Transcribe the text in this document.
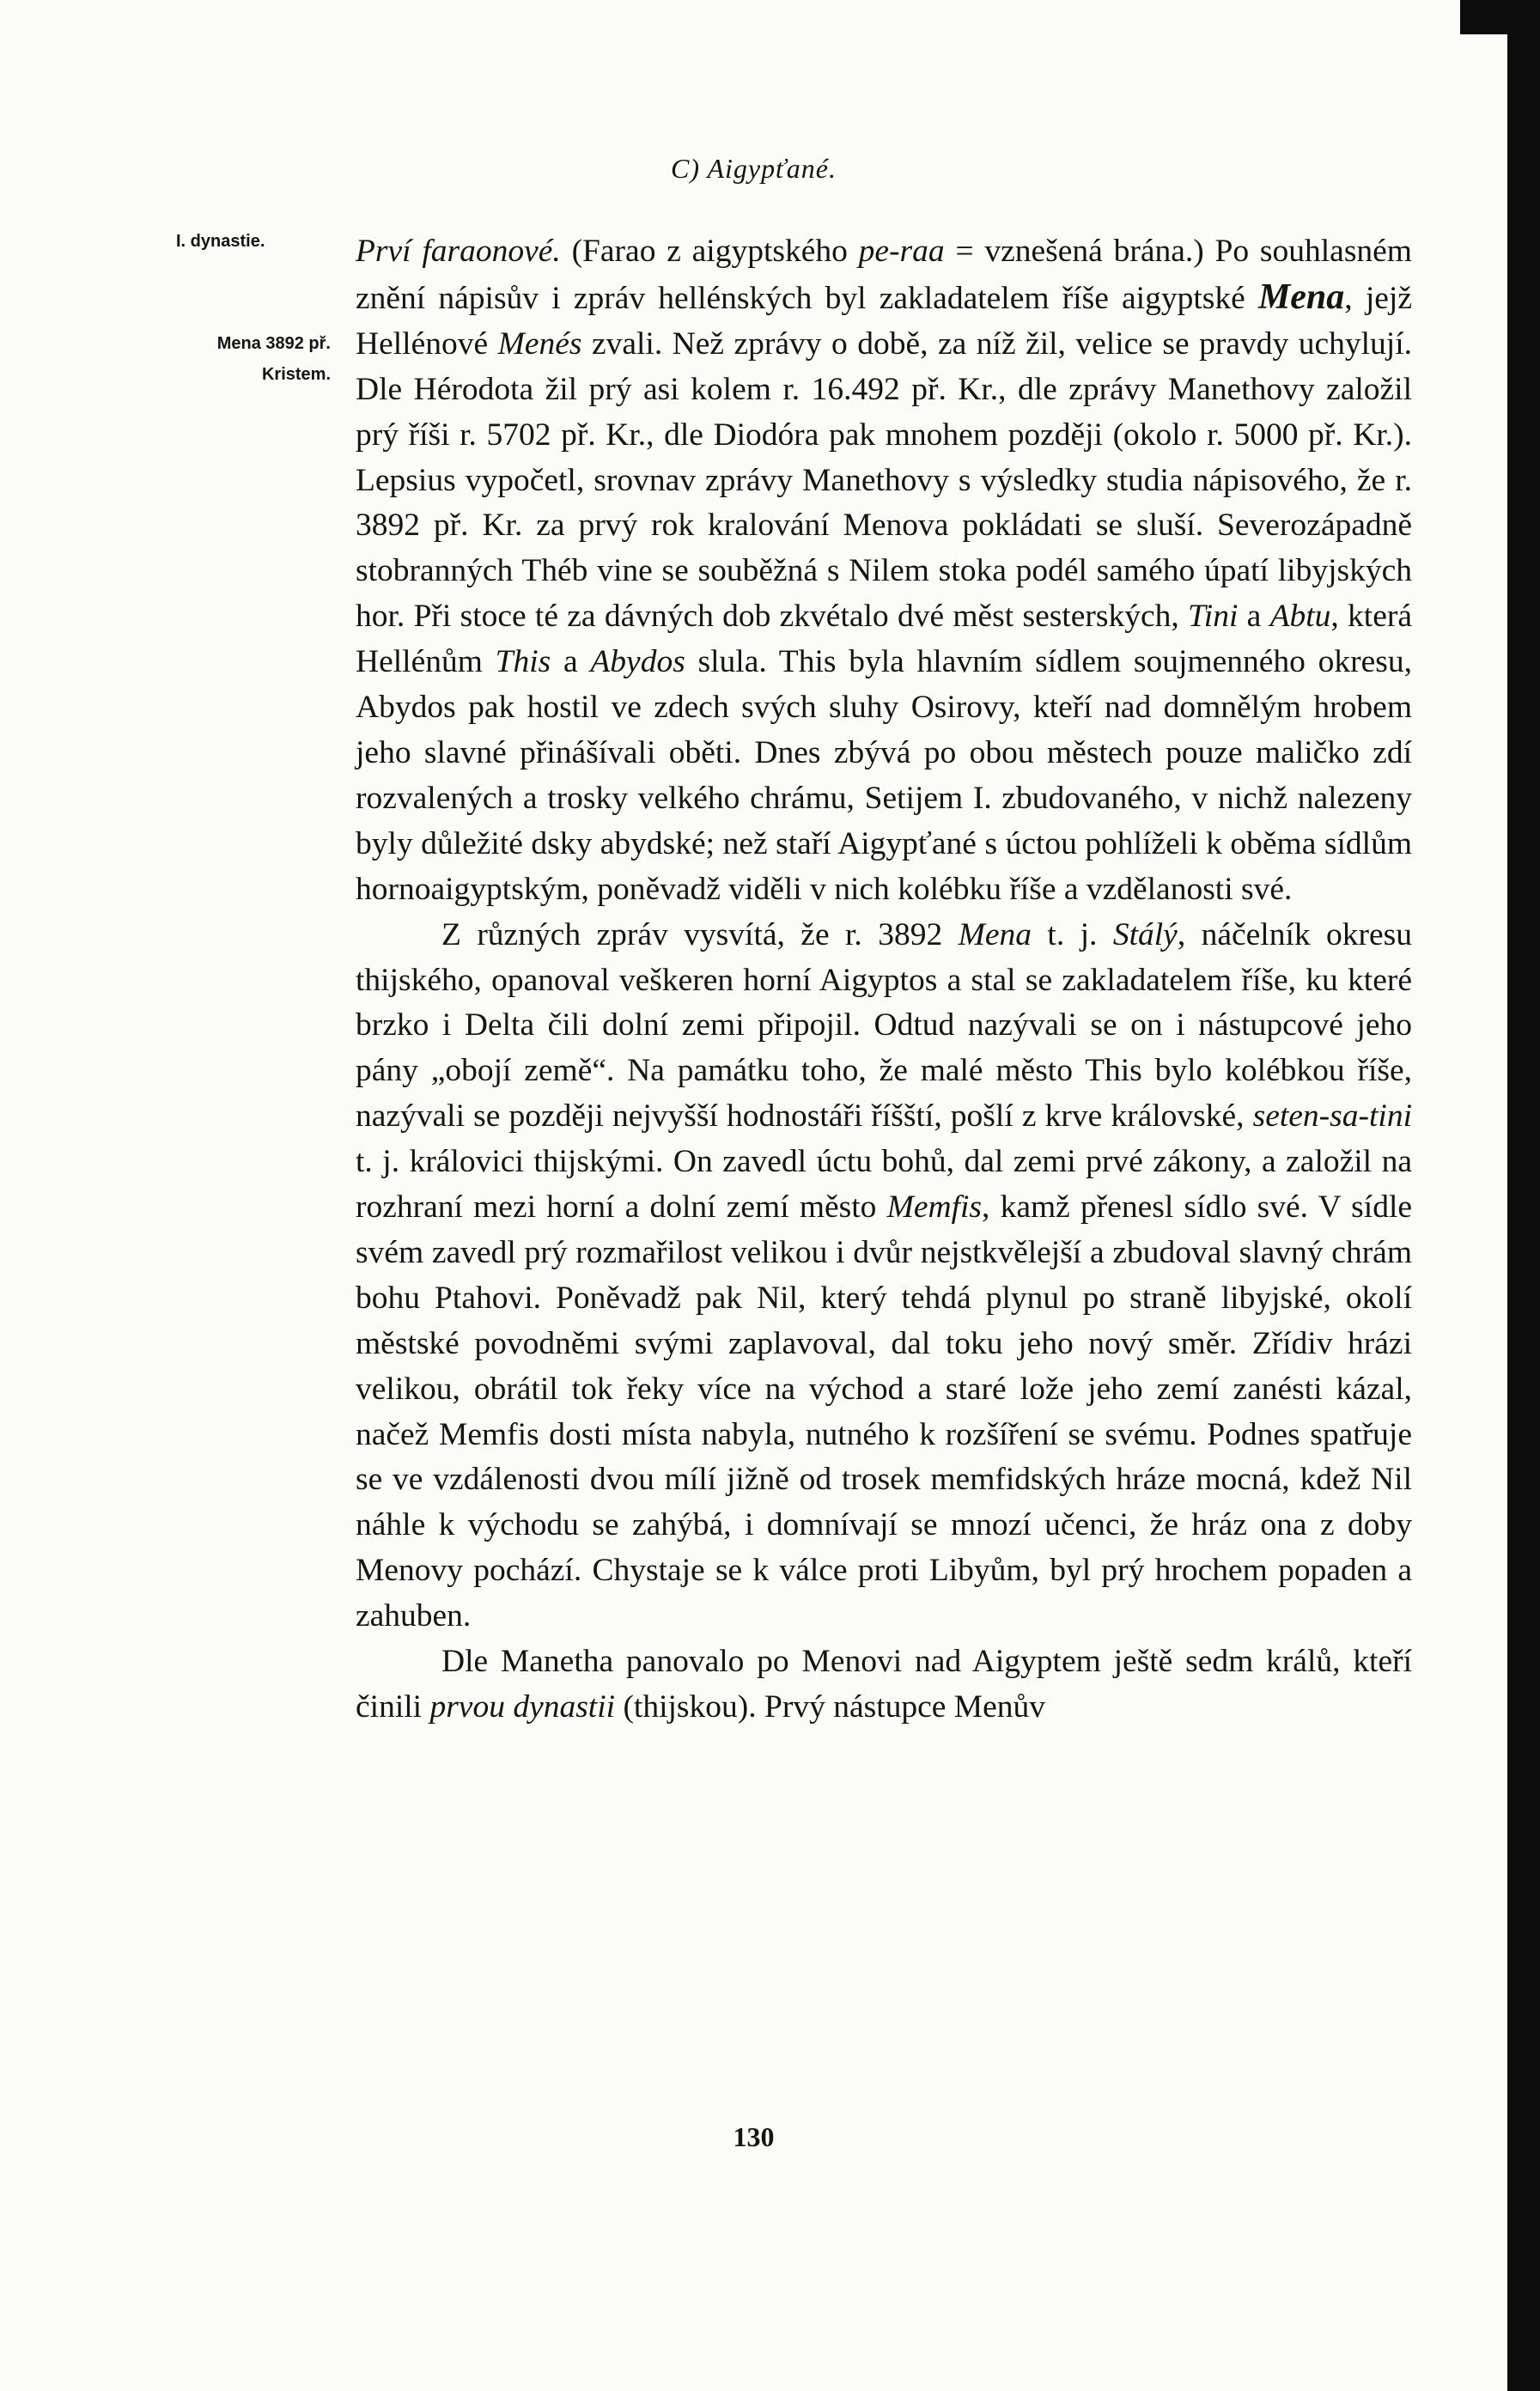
C) Aigypťané.
I. dynastie.
Mena 3892 př.
Kristem.

Prví faraonové. (Farao z aigyptského pe-raa = vznešená brána.) Po souhlasném znění nápisův i zpráv hellénských byl zakladatelem říše aigyptské Mena, jejž Hellénové Menés zvali. Než zprávy o době, za níž žil, velice se pravdy uchylují. Dle Hérodota žil prý asi kolem r. 16.492 př. Kr., dle zprávy Manethovy založil prý říši r. 5702 př. Kr., dle Diodóra pak mnohem později (okolo r. 5000 př. Kr.). Lepsius vypočetl, srovnav zprávy Manethovy s výsledky studia nápisového, že r. 3892 př. Kr. za prvý rok kralování Menova pokládati se sluší. Severozápadně stobranných Théb vine se souběžná s Nilem stoka podél samého úpatí libyjských hor. Při stoce té za dávných dob zkvétalo dvé měst sesterských, Tini a Abtu, která Hellénům This a Abydos slula. This byla hlavním sídlem soujmenného okresu, Abydos pak hostil ve zdech svých sluhy Osirovy, kteří nad domnělým hrobem jeho slavné přinášívali oběti. Dnes zbývá po obou městech pouze maličko zdí rozvalených a trosky velkého chrámu, Setijem I. zbudovaného, v nichž nalezeny byly důležité dsky abydské; než staří Aigypťané s úctou pohlíželi k oběma sídlům hornoaigyptským, poněvadž viděli v nich kolébku říše a vzdělanosti své.

Z různých zpráv vysvítá, že r. 3892 Mena t. j. Stálý, náčelník okresu thijského, opanoval veškeren horní Aigyptos a stal se zakladatelem říše, ku které brzko i Delta čili dolní zemi připojil. Odtud nazývali se on i nástupcové jeho pány „obojí země“. Na památku toho, že malé město This bylo kolébkou říše, nazývali se později nejvyšší hodnostáři říšští, pošlí z krve královské, seten-sa-tini t. j. královici thijskými. On zavedl úctu bohů, dal zemi prvé zákony, a založil na rozhraní mezi horní a dolní zemí město Memfis, kamž přenesl sídlo své. V sídle svém zavedl prý rozmařilost velikou i dvůr nejstkvělejší a zbudoval slavný chrám bohu Ptahovi. Poněvadž pak Nil, který tehdá plynul po straně libyjské, okolí městské povodněmi svými zaplavoval, dal toku jeho nový směr. Zřídiv hrázi velikou, obrátil tok řeky více na východ a staré lože jeho zemí zanésti kázal, načež Memfis dosti místa nabyla, nutného k rozšíření se svému. Podnes spatřuje se ve vzdálenosti dvou mílí jižně od trosek memfidských hráze mocná, kdež Nil náhle k východu se zahýbá, i domnívají se mnozí učenci, že hráz ona z doby Menovy pochází. Chystaje se k válce proti Libyům, byl prý hrochem popaden a zahuben.

Dle Manetha panovalo po Menovi nad Aigyptem ještě sedm králů, kteří činili prvou dynastii (thijskou). Prvý nástupce Menův

130
